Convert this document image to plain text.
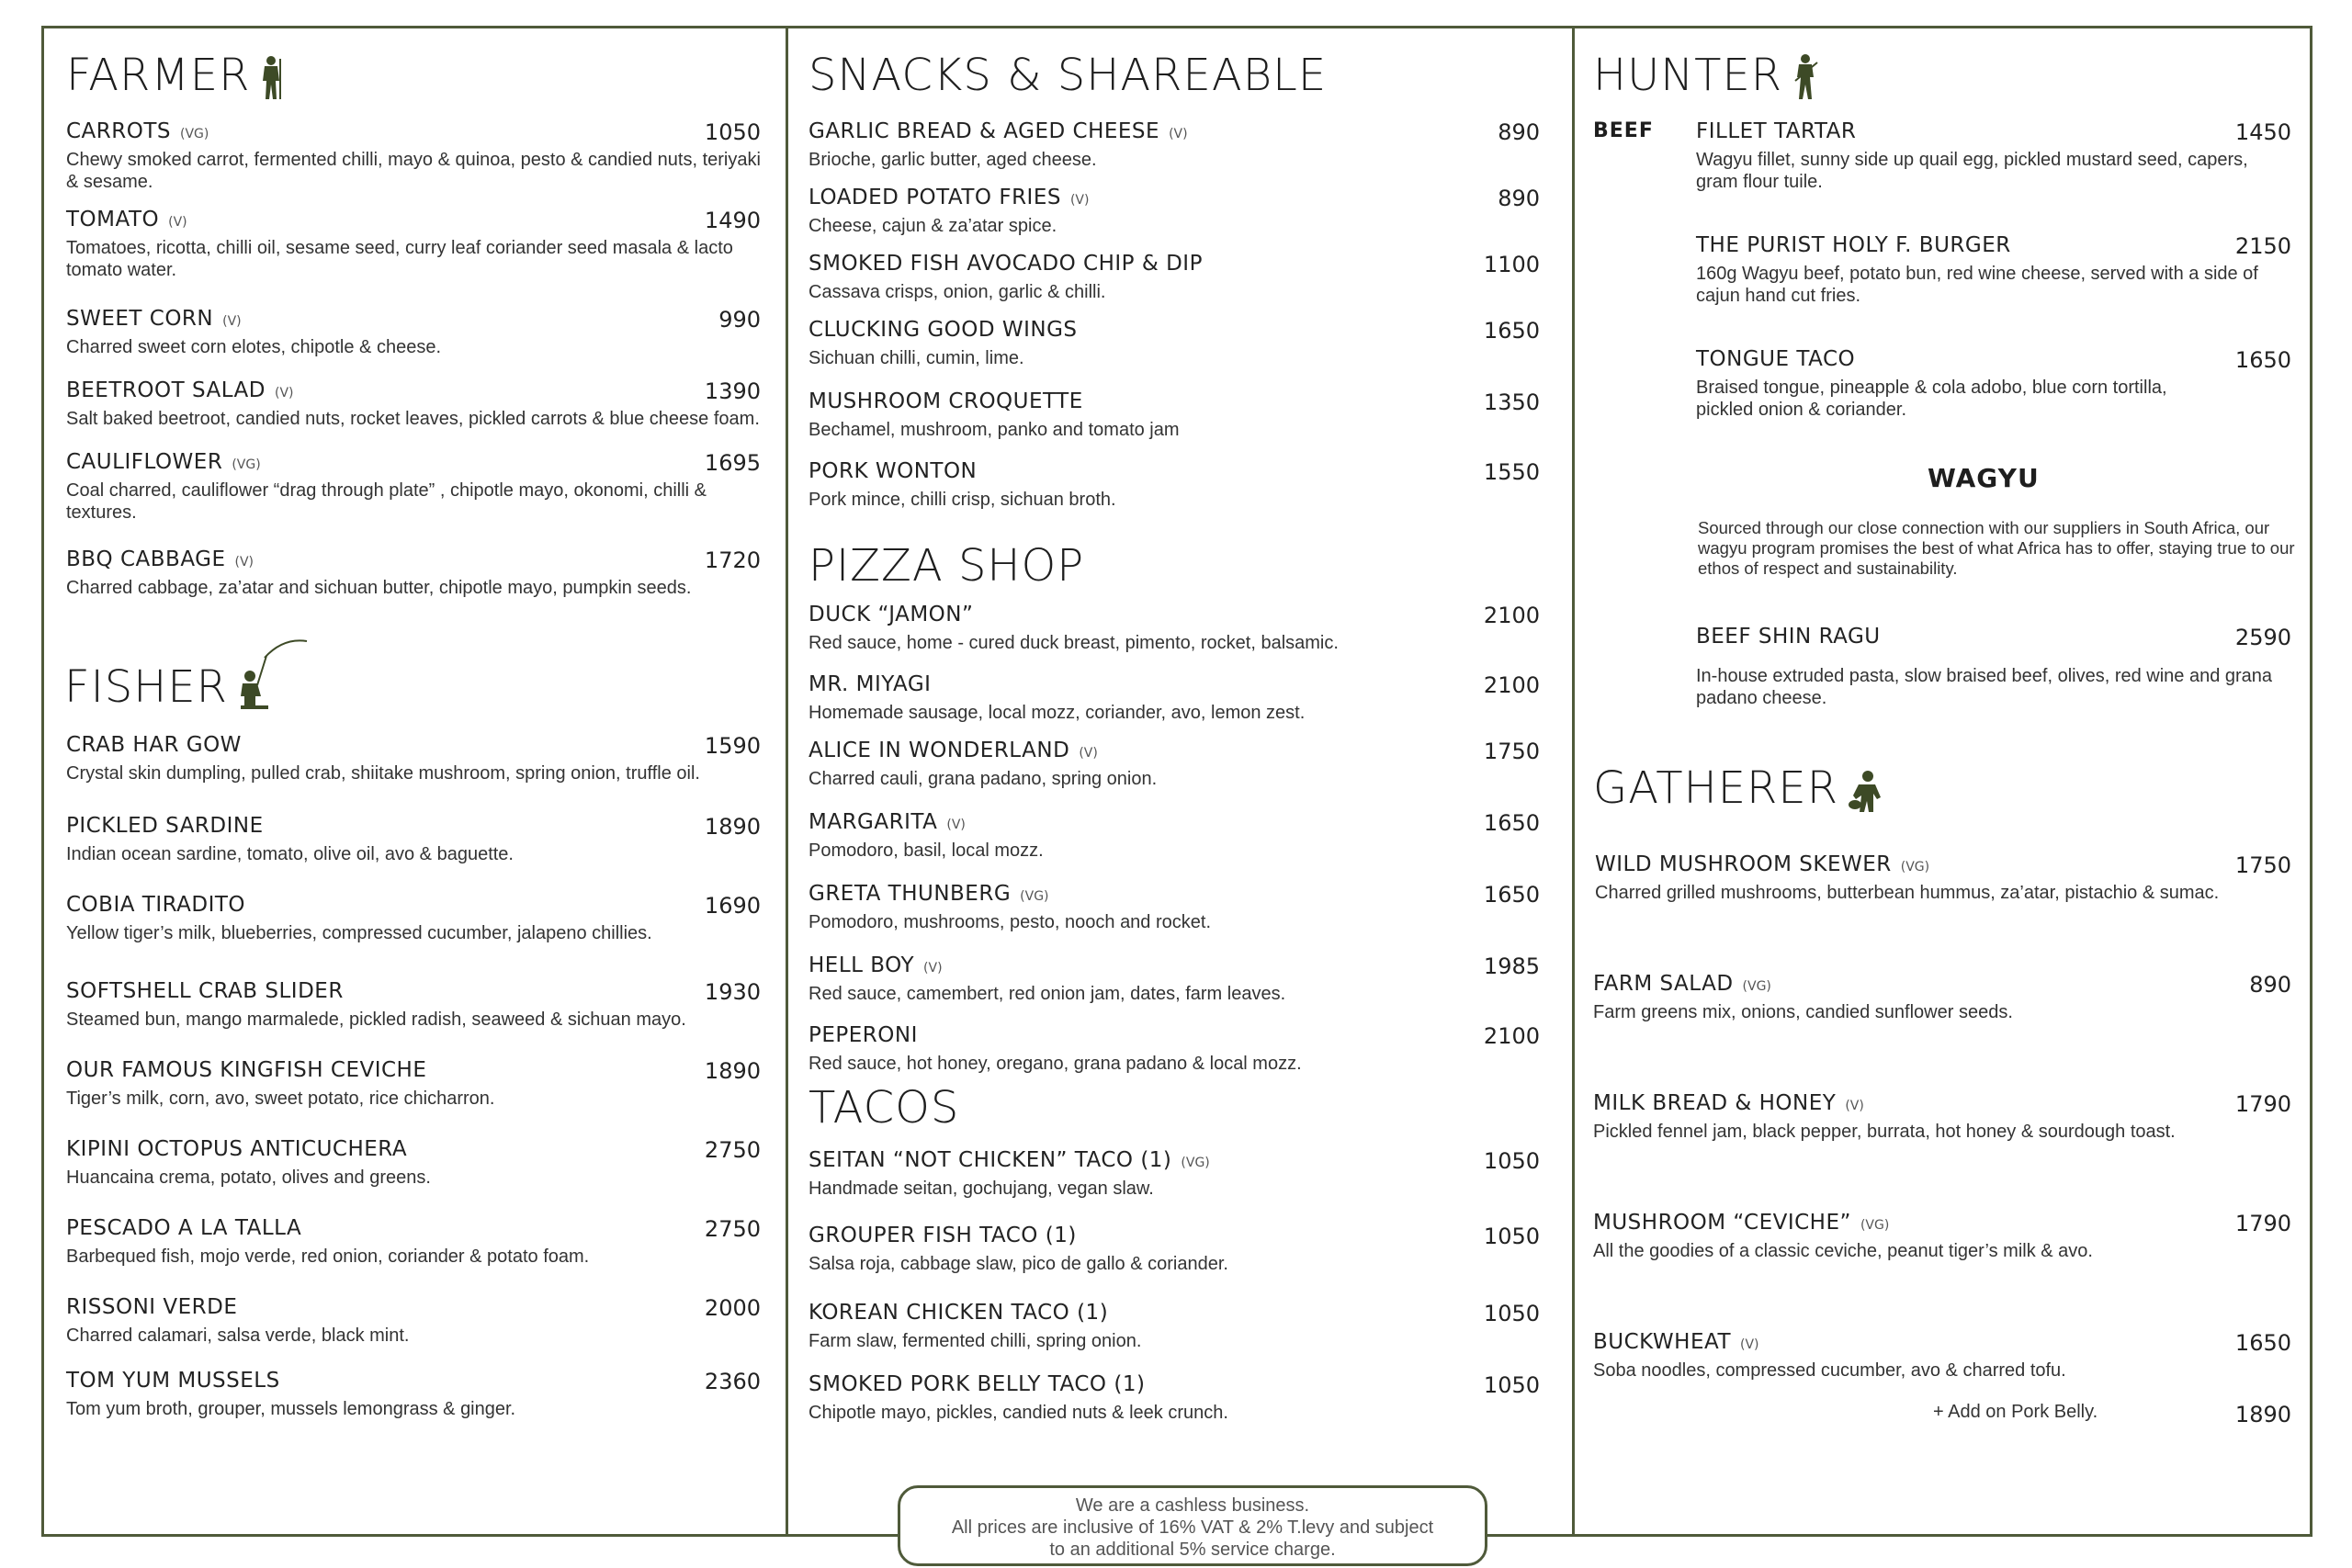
FARMER
CARROTS (VG)	1050
Chewy smoked carrot, fermented chilli, mayo & quinoa, pesto & candied nuts, teriyaki & sesame.
TOMATO (V)	1490
Tomatoes, ricotta, chilli oil, sesame seed, curry leaf coriander seed masala & lacto tomato water.
SWEET CORN (V)	990
Charred sweet corn elotes, chipotle & cheese.
BEETROOT SALAD (V)	1390
Salt baked beetroot, candied nuts, rocket leaves, pickled carrots & blue cheese foam.
CAULIFLOWER (VG)	1695
Coal charred, cauliflower “drag through plate” , chipotle mayo, okonomi, chilli & textures.
BBQ CABBAGE (V)	1720
Charred cabbage, za’atar and sichuan butter, chipotle mayo, pumpkin seeds.
FISHER
CRAB HAR GOW	1590
Crystal skin dumpling, pulled crab, shiitake mushroom, spring onion, truffle oil.
PICKLED SARDINE	1890
Indian ocean sardine, tomato, olive oil, avo & baguette.
COBIA TIRADITO	1690
Yellow tiger’s milk, blueberries, compressed cucumber, jalapeno chillies.
SOFTSHELL CRAB SLIDER	1930
Steamed bun, mango marmalede, pickled radish, seaweed & sichuan mayo.
OUR FAMOUS KINGFISH CEVICHE	1890
Tiger’s milk, corn, avo, sweet potato, rice chicharron.
KIPINI OCTOPUS ANTICUCHERA	2750
Huancaina crema, potato, olives and greens.
PESCADO A LA TALLA	2750
Barbequed fish, mojo verde, red onion, coriander & potato foam.
RISSONI VERDE	2000
Charred calamari, salsa verde, black mint.
TOM YUM MUSSELS	2360
Tom yum broth, grouper, mussels lemongrass & ginger.
SNACKS & SHAREABLE
GARLIC BREAD & AGED CHEESE (V)	890
Brioche, garlic butter, aged cheese.
LOADED POTATO FRIES (V)	890
Cheese, cajun & za’atar spice.
SMOKED FISH AVOCADO CHIP & DIP	1100
Cassava crisps, onion, garlic & chilli.
CLUCKING GOOD WINGS	1650
Sichuan chilli, cumin, lime.
MUSHROOM CROQUETTE	1350
Bechamel, mushroom, panko and tomato jam
PORK WONTON	1550
Pork mince, chilli crisp, sichuan broth.
PIZZA SHOP
DUCK “JAMON”	2100
Red sauce, home - cured duck breast, pimento, rocket, balsamic.
MR. MIYAGI	2100
Homemade sausage, local mozz, coriander, avo, lemon zest.
ALICE IN WONDERLAND (V)	1750
Charred cauli, grana padano, spring onion.
MARGARITA (V)	1650
Pomodoro, basil, local mozz.
GRETA THUNBERG (VG)	1650
Pomodoro, mushrooms, pesto, nooch and rocket.
HELL BOY (V)	1985
Red sauce, camembert, red onion jam, dates, farm leaves.
PEPERONI	2100
Red sauce, hot honey, oregano, grana padano & local mozz.
TACOS
SEITAN “NOT CHICKEN” TACO (1) (VG)	1050
Handmade seitan, gochujang, vegan slaw.
GROUPER FISH TACO (1)	1050
Salsa roja, cabbage slaw, pico de gallo & coriander.
KOREAN CHICKEN TACO (1)	1050
Farm slaw, fermented chilli, spring onion.
SMOKED PORK BELLY TACO (1)	1050
Chipotle mayo, pickles, candied nuts & leek crunch.
HUNTER
BEEF FILLET TARTAR	1450
Wagyu fillet, sunny side up quail egg, pickled mustard seed, capers, gram flour tuile.
THE PURIST HOLY F. BURGER	2150
160g Wagyu beef, potato bun, red wine cheese, served with a side of cajun hand cut fries.
TONGUE TACO	1650
Braised tongue, pineapple & cola adobo, blue corn tortilla, pickled onion & coriander.
WAGYU
Sourced through our close connection with our suppliers in South Africa, our wagyu program promises the best of what Africa has to offer, staying true to our ethos of respect and sustainability.
BEEF SHIN RAGU	2590
In-house extruded pasta, slow braised beef, olives, red wine and grana padano cheese.
GATHERER
WILD MUSHROOM SKEWER (VG)	1750
Charred grilled mushrooms, butterbean hummus, za’atar, pistachio & sumac.
FARM SALAD (VG)	890
Farm greens mix, onions, candied sunflower seeds.
MILK BREAD & HONEY (V)	1790
Pickled fennel jam, black pepper, burrata, hot honey & sourdough toast.
MUSHROOM “CEVICHE” (VG)	1790
All the goodies of a classic ceviche, peanut tiger’s milk & avo.
BUCKWHEAT (V)	1650
Soba noodles, compressed cucumber, avo & charred tofu.
+ Add on Pork Belly.	1890
We are a cashless business.
All prices are inclusive of 16% VAT & 2% T.levy and subject
to an additional 5% service charge.
